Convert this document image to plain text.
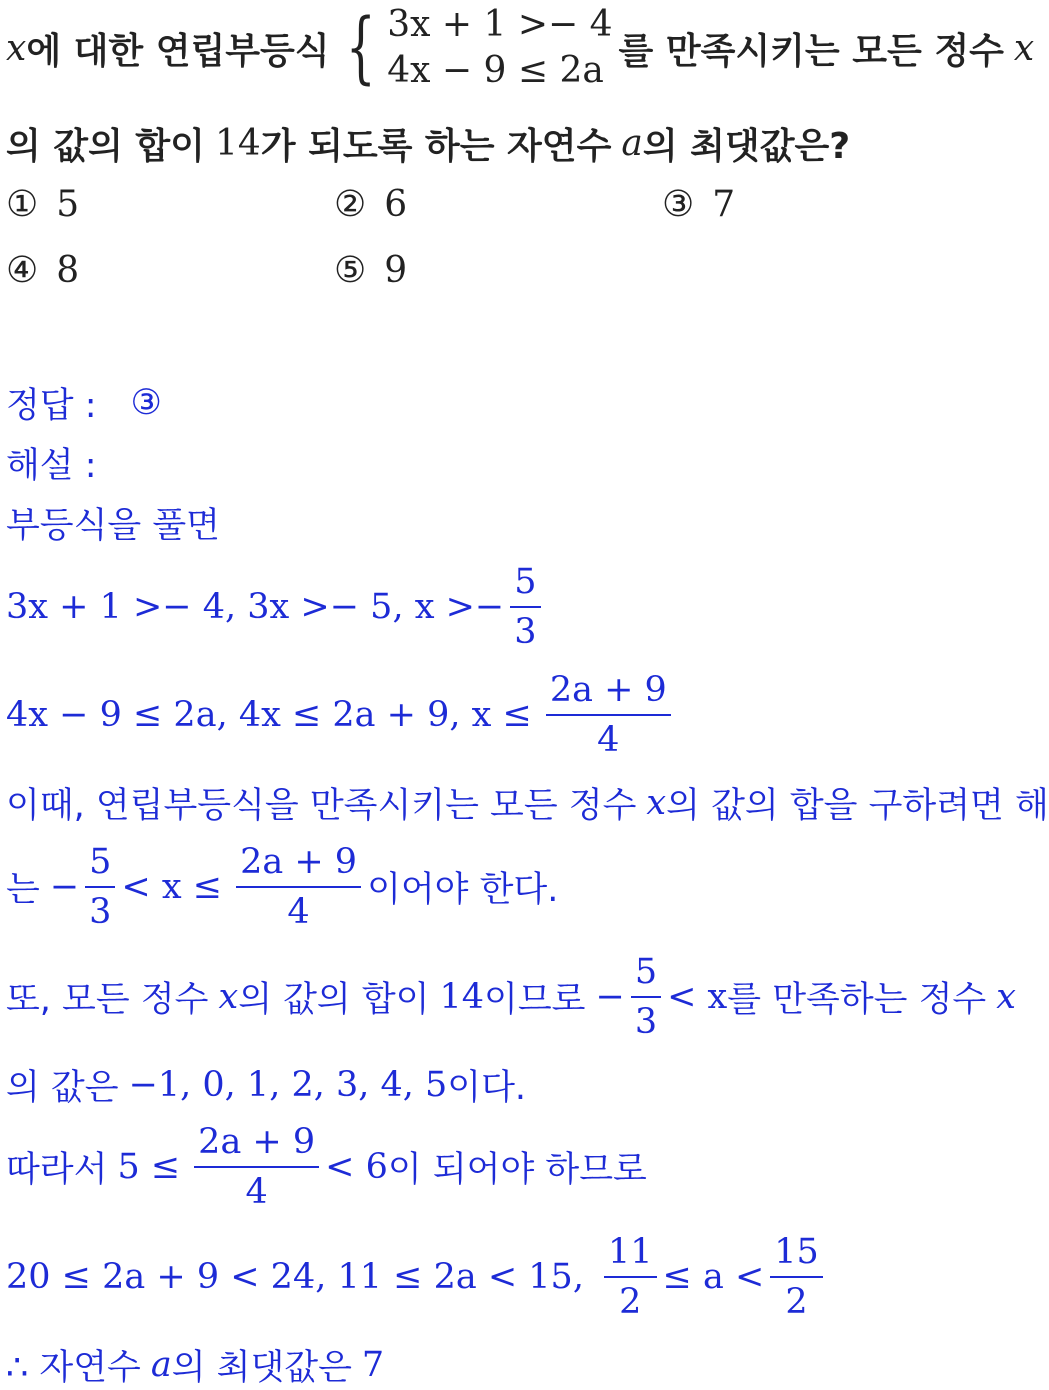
x 에 대한 연립부등식 { 3x + 1 >− 4
4x − 9 ≤ 2a 를 만족시키는 모든 정수 x
의 값의 합이 14 가 되도록 하는 자연수 a 의 최댓값은?
① 5	② 6	③ 7
④ 8	⑤ 9
정답 : ③
해설 :
부등식을 풀면
3x + 1 >− 4, 3x >− 5, $x >- \frac{5}{3}$
4x − 9 ≤ 2a, 4x ≤ 2a + 9, $x \le \frac{2a + 9}{4}$
이때, 연립부등식을 만족시키는 모든 정수 x 의 값의 합을 구하려면 해
는 − $\frac{5}{3} < x \le \frac{2a + 9}{4}$ 이어야 한다.
또, 모든 정수 x 의 값의 합이 14 이므로 − $\frac{5}{3} < x$ 를 만족하는 정수 x
의 값은 −1, 0, 1, 2, 3, 4, 5 이다.
따라서 $5 \le \frac{2a + 9}{4} < 6$ 이 되어야 하므로
20 ≤ 2a + 9 < 24, 11 ≤ 2a < 15, $\frac{11}{2} \le a < \frac{15}{2}$
∴ 자연수 a 의 최댓값은 7
